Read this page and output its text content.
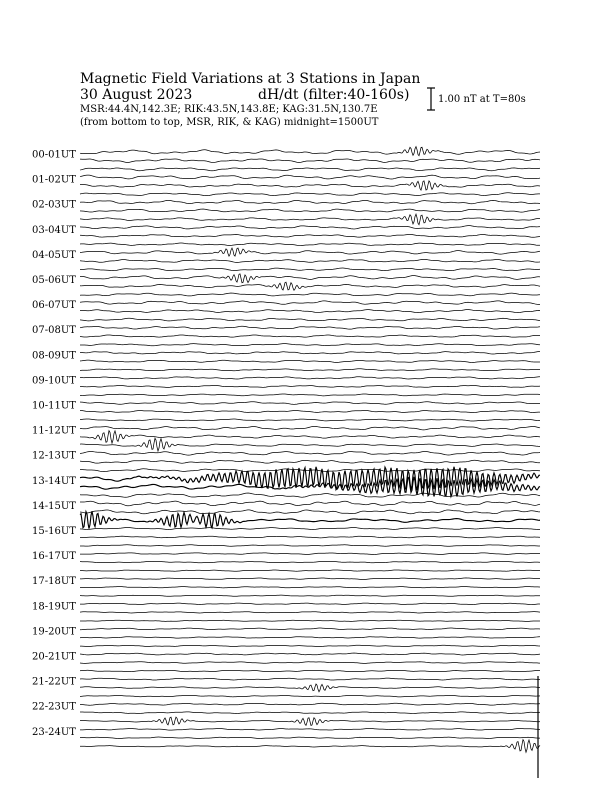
Magnetic Field Variations at 3 Stations in Japan
30 August 2023	dH/dt (filter:40-160s)
MSR:44.4N,142.3E; RIK:43.5N,143.8E; KAG:31.5N,130.7E
(from bottom to top, MSR, RIK, & KAG) midnight=1500UT
1.00 nT at T=80s
00-01UT
01-02UT
02-03UT
03-04UT
04-05UT
05-06UT
06-07UT
07-08UT
08-09UT
09-10UT
10-11UT
11-12UT
12-13UT
13-14UT
14-15UT
15-16UT
16-17UT
17-18UT
18-19UT
19-20UT
20-21UT
21-22UT
22-23UT
23-24UT
